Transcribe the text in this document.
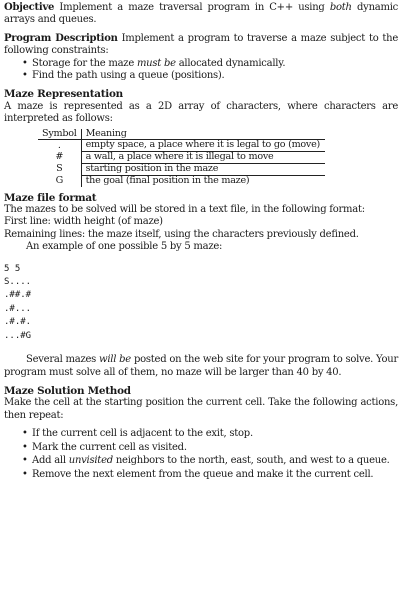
Objective Implement a maze traversal program in C++ using both dynamic arrays and queues.

Program Description Implement a program to traverse a maze subject to the following constraints:

• Storage for the maze must be allocated dynamically.
• Find the path using a queue (positions).

Maze Representation

A maze is represented as a 2D array of characters, where characters are interpreted as follows:

Symbol	Meaning
.	empty space, a place where it is legal to go (move)
#	a wall, a place where it is illegal to move
S	starting position in the maze
G	the goal (final position in the maze)

Maze file format

The mazes to be solved will be stored in a text file, in the following format:

First line: width height (of maze)

Remaining lines: the maze itself, using the characters previously defined.

An example of one possible 5 by 5 maze:

5 5
S....
.##.#
.#...
.#.#.
...#G

Several mazes will be posted on the web site for your program to solve. Your program must solve all of them, no maze will be larger than 40 by 40.

Maze Solution Method

Make the cell at the starting position the current cell. Take the following actions, then repeat:

• If the current cell is adjacent to the exit, stop.
• Mark the current cell as visited.
• Add all unvisited neighbors to the north, east, south, and west to a queue.
• Remove the next element from the queue and make it the current cell.
